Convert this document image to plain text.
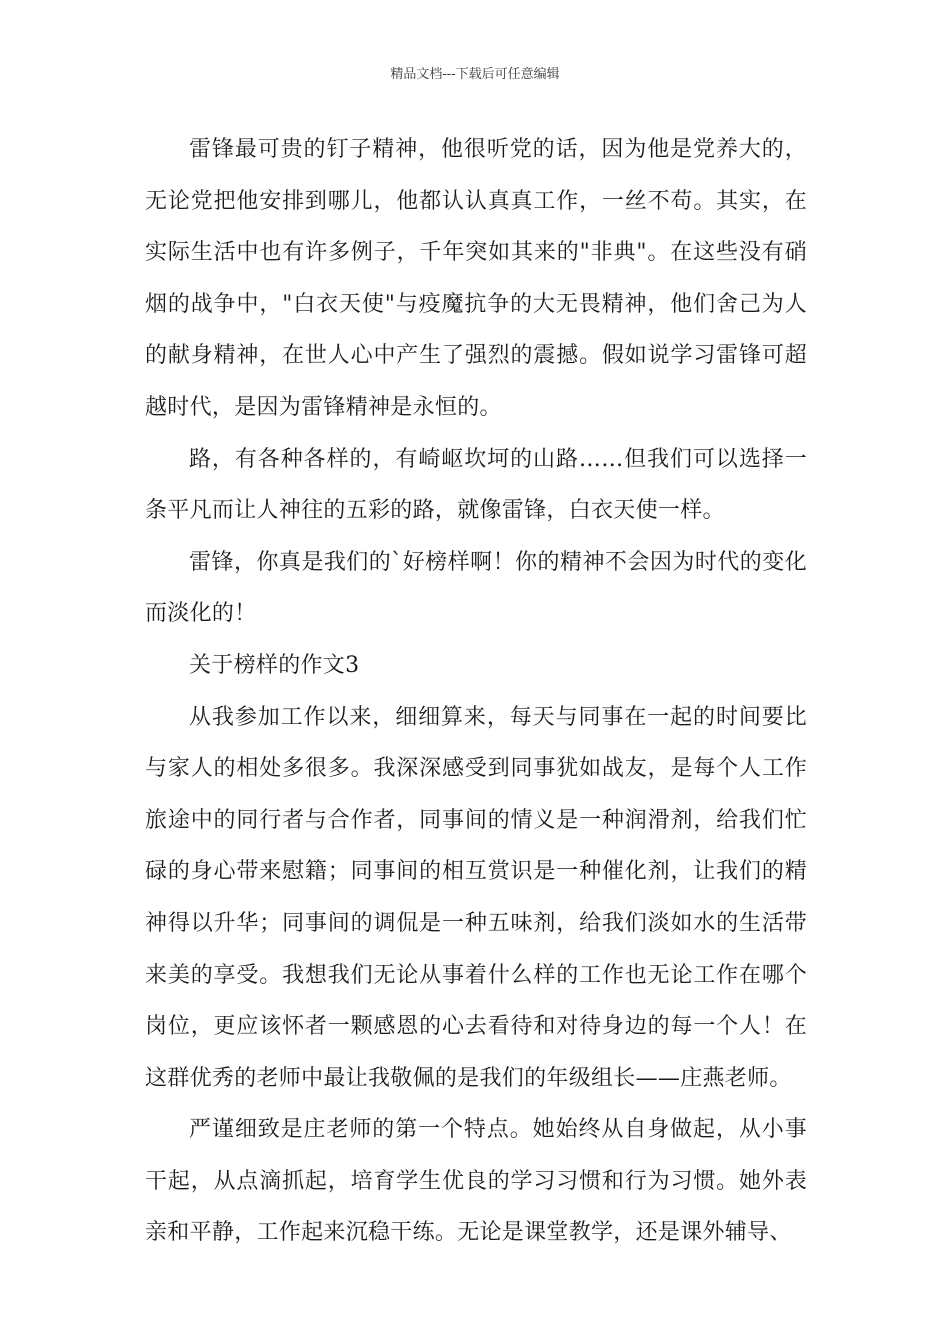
精品文档---下载后可任意编辑

雷锋最可贵的钉子精神，他很听党的话，因为他是党养大的，无论党把他安排到哪儿，他都认认真真工作，一丝不苟。其实，在实际生活中也有许多例子，千年突如其来的"非典"。在这些没有硝烟的战争中，"白衣天使"与疫魔抗争的大无畏精神，他们舍己为人的献身精神，在世人心中产生了强烈的震撼。假如说学习雷锋可超越时代，是因为雷锋精神是永恒的。

路，有各种各样的，有崎岖坎坷的山路……但我们可以选择一条平凡而让人神往的五彩的路，就像雷锋，白衣天使一样。

雷锋，你真是我们的`好榜样啊！你的精神不会因为时代的变化而淡化的！

关于榜样的作文3

从我参加工作以来，细细算来，每天与同事在一起的时间要比与家人的相处多很多。我深深感受到同事犹如战友，是每个人工作旅途中的同行者与合作者，同事间的情义是一种润滑剂，给我们忙碌的身心带来慰籍；同事间的相互赏识是一种催化剂，让我们的精神得以升华；同事间的调侃是一种五味剂，给我们淡如水的生活带来美的享受。我想我们无论从事着什么样的工作也无论工作在哪个岗位，更应该怀者一颗感恩的心去看待和对待身边的每一个人！在这群优秀的老师中最让我敬佩的是我们的年级组长——庄燕老师。

严谨细致是庄老师的第一个特点。她始终从自身做起，从小事干起，从点滴抓起，培育学生优良的学习习惯和行为习惯。她外表亲和平静，工作起来沉稳干练。无论是课堂教学，还是课外辅导、
